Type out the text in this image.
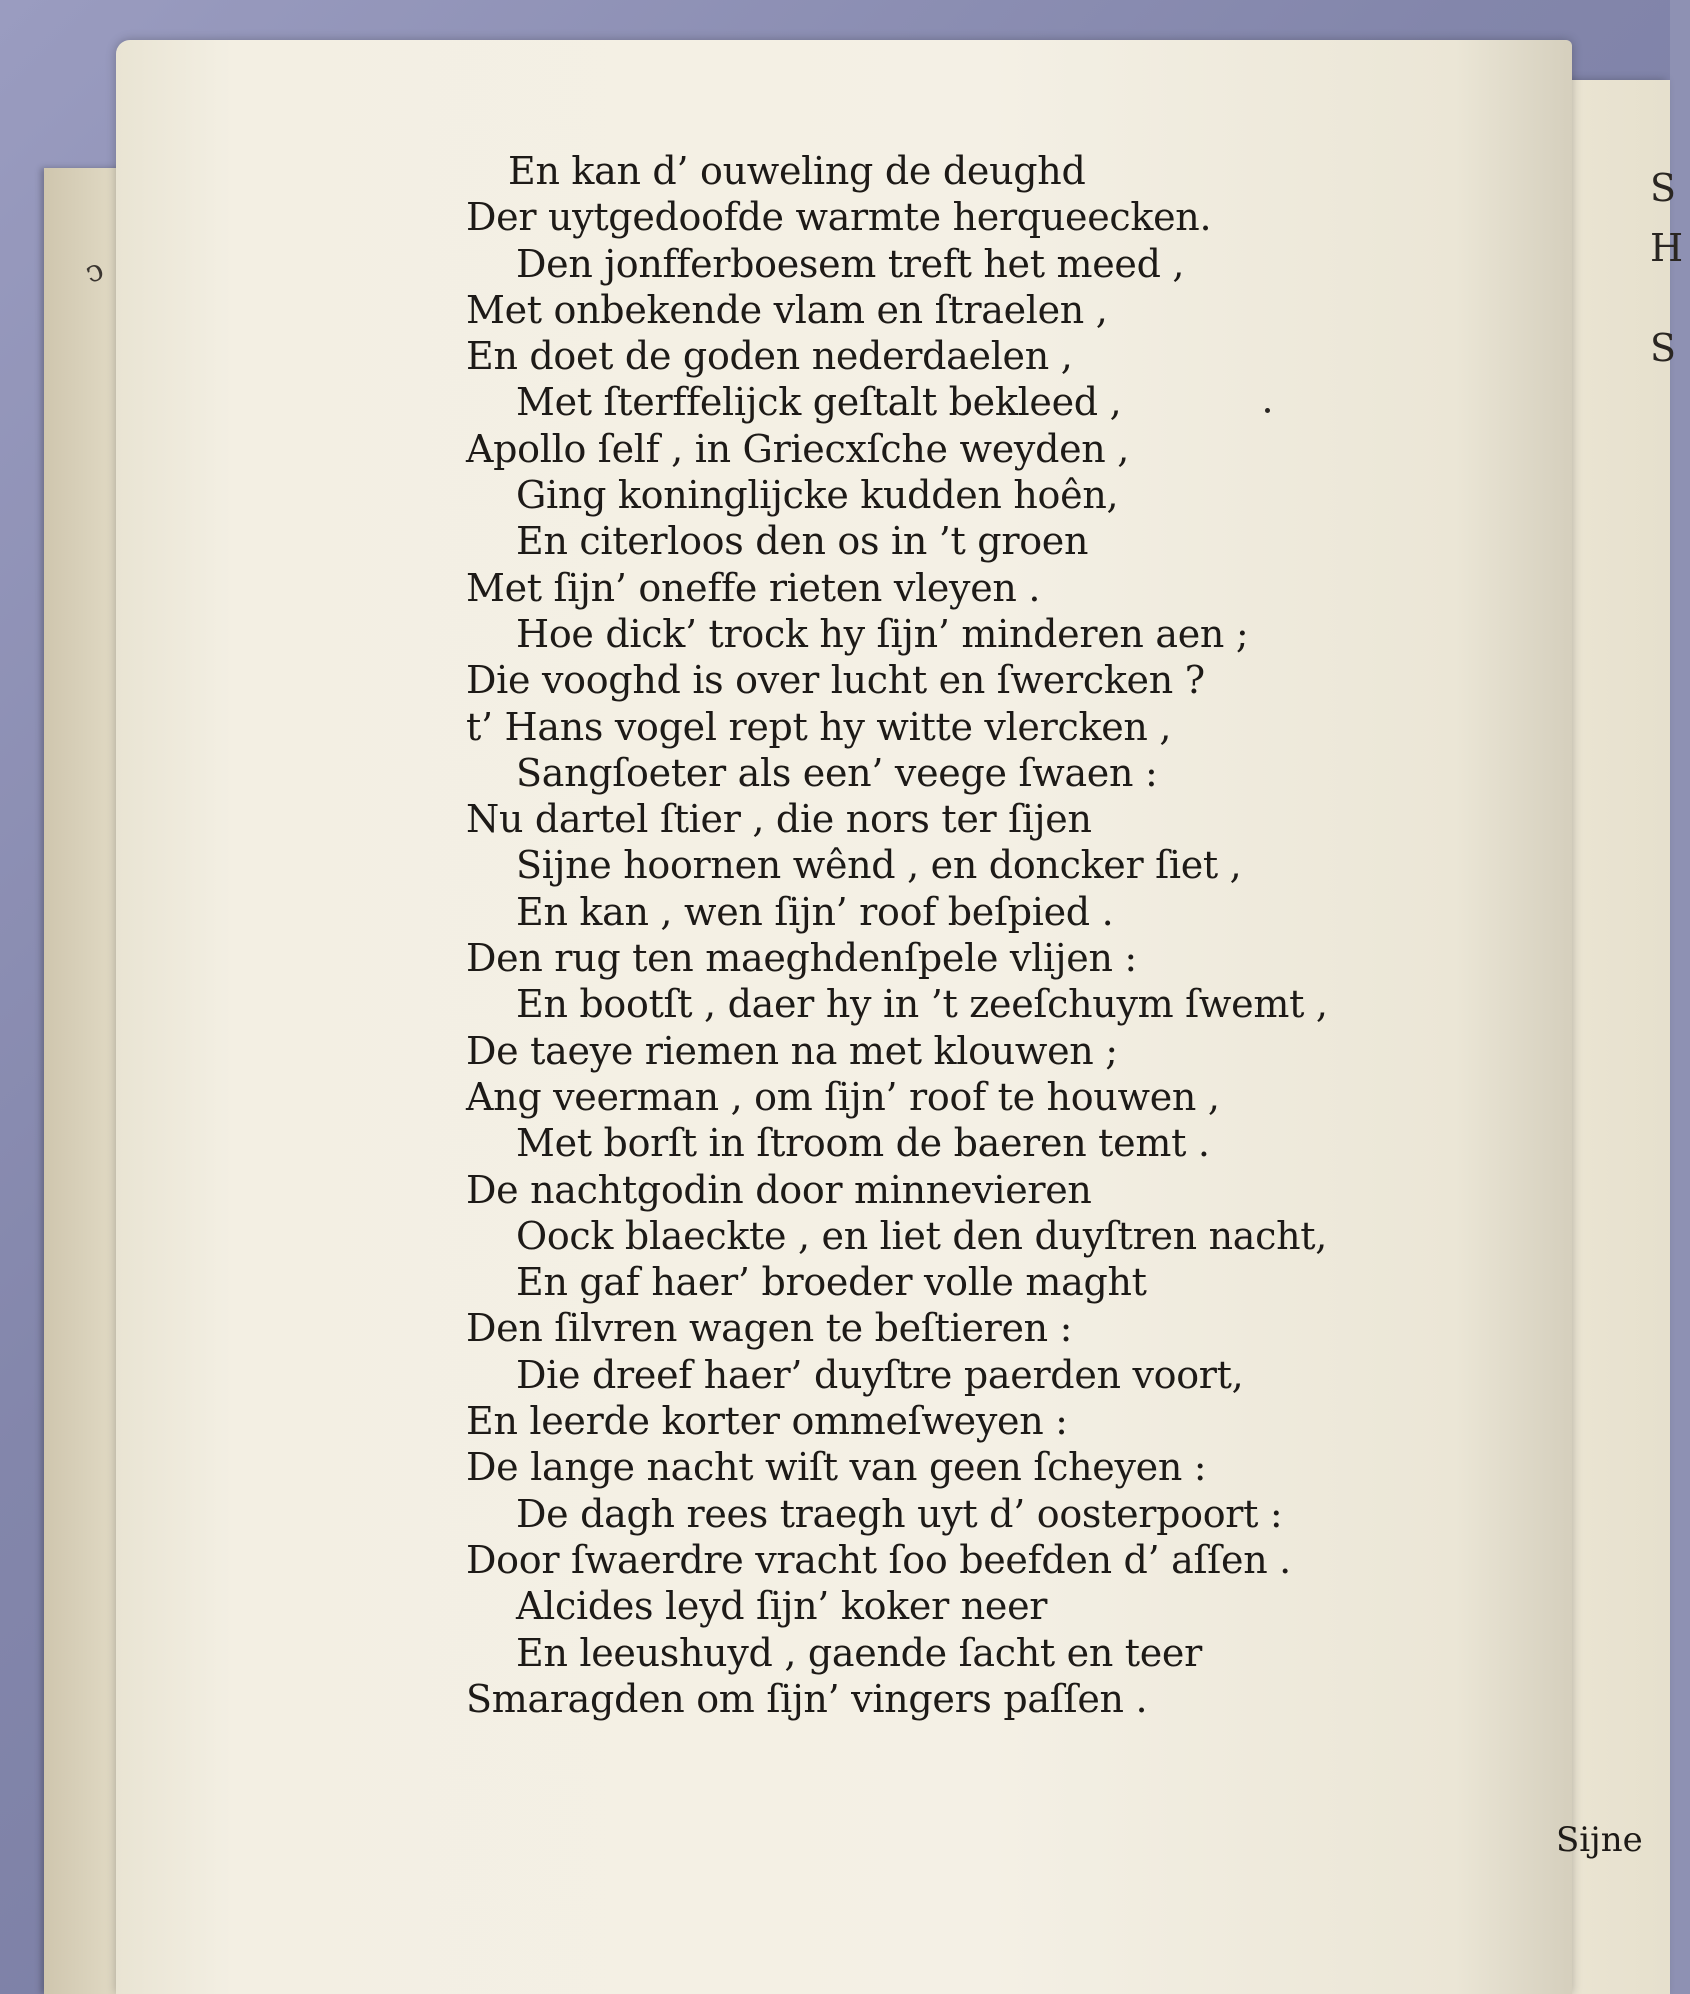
S
H
S
ↄ
En kan d’ ouweling de deughd
Der uytgedoofde warmte herqueecken.
Den jonfferboesem treft het meed ,
Met onbekende vlam en ſtraelen ,
En doet de goden nederdaelen ,
Met ſterffelijck geſtalt bekleed ,
Apollo ſelf , in Griecxſche weyden ,
Ging koninglijcke kudden hoên,
En citerloos den os in ’t groen
Met ſijn’ oneffe rieten vleyen .
Hoe dick’ trock hy ſijn’ minderen aen ;
Die vooghd is over lucht en ſwercken ?
t’ Hans vogel rept hy witte vlercken ,
Sangſoeter als een’ veege ſwaen :
Nu dartel ſtier , die nors ter ſijen
Sijne hoornen wênd , en doncker ſiet ,
En kan , wen ſijn’ roof beſpied .
Den rug ten maeghdenſpele vlijen :
En bootſt , daer hy in ’t zeeſchuym ſwemt ,
De taeye riemen na met klouwen ;
Ang veerman , om ſijn’ roof te houwen ,
Met borſt in ſtroom de baeren temt .
De nachtgodin door minnevieren
Oock blaeckte , en liet den duyſtren nacht,
En gaf haer’ broeder volle maght
Den ſilvren wagen te beſtieren :
Die dreef haer’ duyſtre paerden voort,
En leerde korter ommeſweyen :
De lange nacht wiſt van geen ſcheyen :
De dagh rees traegh uyt d’ oosterpoort :
Door ſwaerdre vracht ſoo beefden d’ aſſen .
Alcides leyd ſijn’ koker neer
En leeushuyd , gaende ſacht en teer
Smaragden om ſijn’ vingers paſſen .
Sijne
